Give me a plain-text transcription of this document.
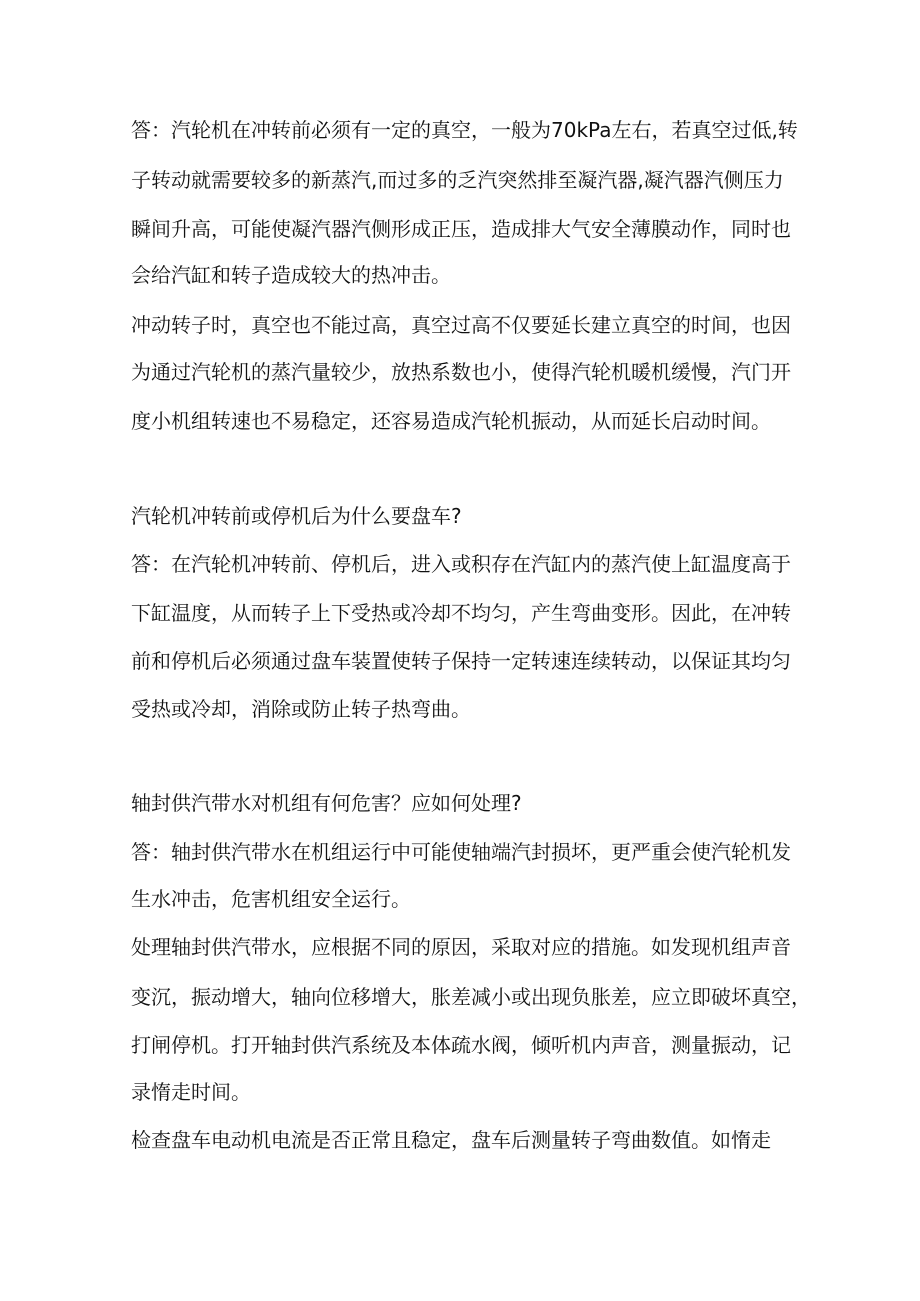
答：汽轮机在冲转前必须有一定的真空，一般为70kPa左右，若真空过低,转
子转动就需要较多的新蒸汽,而过多的乏汽突然排至凝汽器,凝汽器汽侧压力
瞬间升高，可能使凝汽器汽侧形成正压，造成排大气安全薄膜动作，同时也
会给汽缸和转子造成较大的热冲击。
冲动转子时，真空也不能过高，真空过高不仅要延长建立真空的时间，也因
为通过汽轮机的蒸汽量较少，放热系数也小，使得汽轮机暖机缓慢，汽门开
度小机组转速也不易稳定，还容易造成汽轮机振动，从而延长启动时间。
汽轮机冲转前或停机后为什么要盘车?
答：在汽轮机冲转前、停机后，进入或积存在汽缸内的蒸汽使上缸温度高于
下缸温度，从而转子上下受热或冷却不均匀，产生弯曲变形。因此，在冲转
前和停机后必须通过盘车装置使转子保持一定转速连续转动，以保证其均匀
受热或冷却，消除或防止转子热弯曲。
轴封供汽带水对机组有何危害？应如何处理?
答：轴封供汽带水在机组运行中可能使轴端汽封损坏，更严重会使汽轮机发
生水冲击，危害机组安全运行。
处理轴封供汽带水，应根据不同的原因，采取对应的措施。如发现机组声音
变沉，振动增大，轴向位移增大，胀差减小或出现负胀差，应立即破坏真空，
打闸停机。打开轴封供汽系统及本体疏水阀，倾听机内声音，测量振动，记
录惰走时间。
检查盘车电动机电流是否正常且稳定，盘车后测量转子弯曲数值。如惰走
